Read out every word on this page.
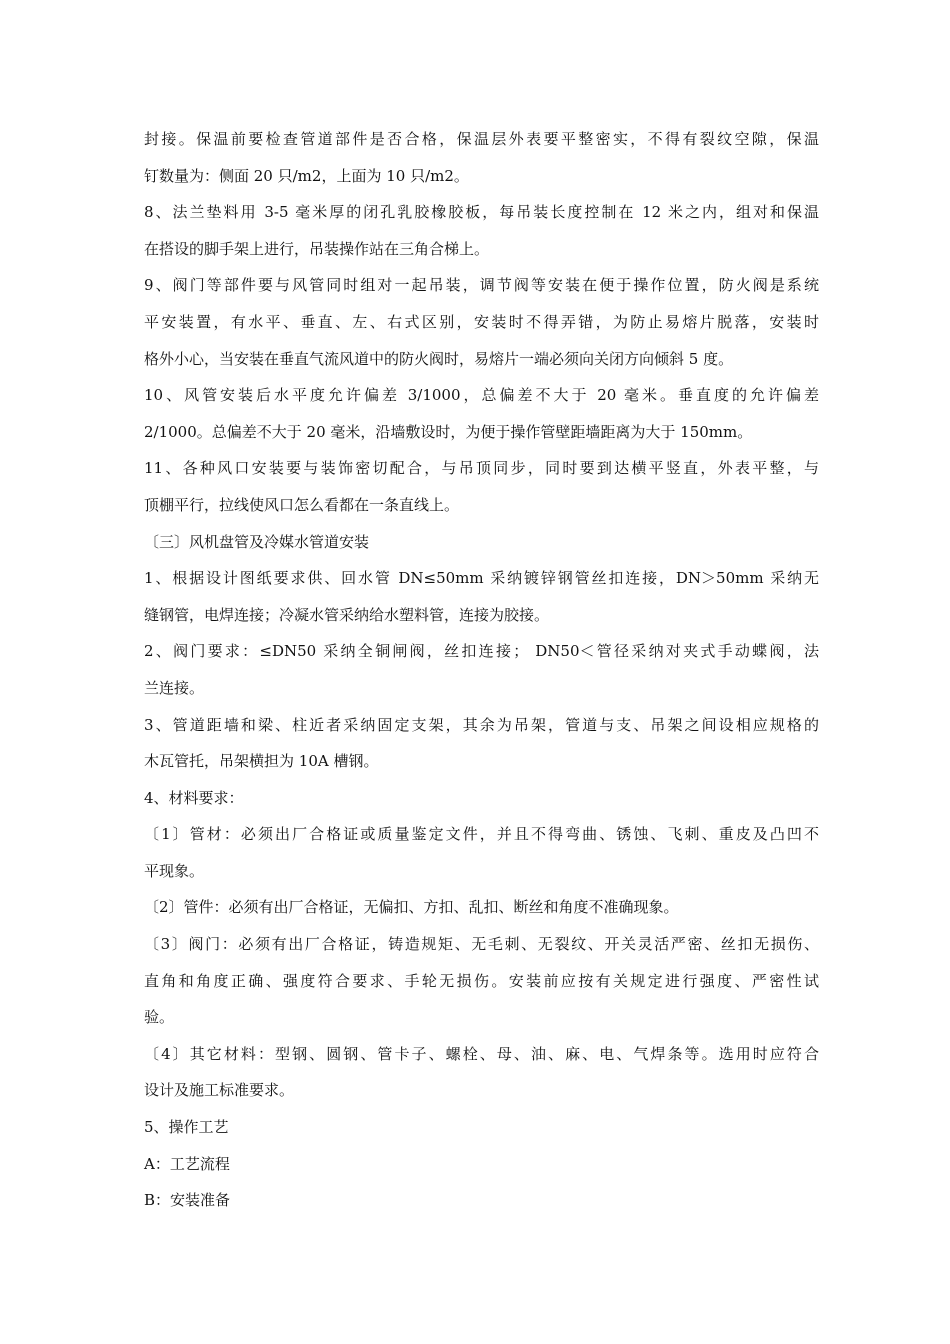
封接。保温前要检查管道部件是否合格，保温层外表要平整密实，不得有裂纹空隙，保温
钉数量为：侧面 20 只/m2，上面为 10 只/m2。
8、法兰垫料用 3-5 毫米厚的闭孔乳胶橡胶板，每吊装长度控制在 12 米之内，组对和保温
在搭设的脚手架上进行，吊装操作站在三角合梯上。
9、阀门等部件要与风管同时组对一起吊装，调节阀等安装在便于操作位置，防火阀是系统
平安装置，有水平、垂直、左、右式区别，安装时不得弄错，为防止易熔片脱落，安装时
格外小心，当安装在垂直气流风道中的防火阀时，易熔片一端必须向关闭方向倾斜 5 度。
10、风管安装后水平度允许偏差 3/1000，总偏差不大于 20 毫米。垂直度的允许偏差
2/1000。总偏差不大于 20 毫米，沿墙敷设时，为便于操作管壁距墙距离为大于 150mm。
11、各种风口安装要与装饰密切配合，与吊顶同步，同时要到达横平竖直，外表平整，与
顶棚平行，拉线使风口怎么看都在一条直线上。
〔三〕风机盘管及冷媒水管道安装
1、根据设计图纸要求供、回水管 DN≤50mm 采纳镀锌钢管丝扣连接，DN＞50mm 采纳无
缝钢管，电焊连接；冷凝水管采纳给水塑料管，连接为胶接。
2、阀门要求：≤DN50 采纳全铜闸阀，丝扣连接； DN50＜管径采纳对夹式手动蝶阀，法
兰连接。
3、管道距墙和梁、柱近者采纳固定支架，其余为吊架，管道与支、吊架之间设相应规格的
木瓦管托，吊架横担为 10A 槽钢。
4、材料要求：
〔1〕管材：必须出厂合格证或质量鉴定文件，并且不得弯曲、锈蚀、飞刺、重皮及凸凹不
平现象。
〔2〕管件：必须有出厂合格证，无偏扣、方扣、乱扣、断丝和角度不准确现象。
〔3〕阀门：必须有出厂合格证，铸造规矩、无毛刺、无裂纹、开关灵活严密、丝扣无损伤、
直角和角度正确、强度符合要求、手轮无损伤。安装前应按有关规定进行强度、严密性试
验。
〔4〕其它材料：型钢、圆钢、管卡子、螺栓、母、油、麻、电、气焊条等。选用时应符合
设计及施工标准要求。
5、操作工艺
A：工艺流程
B：安装准备
